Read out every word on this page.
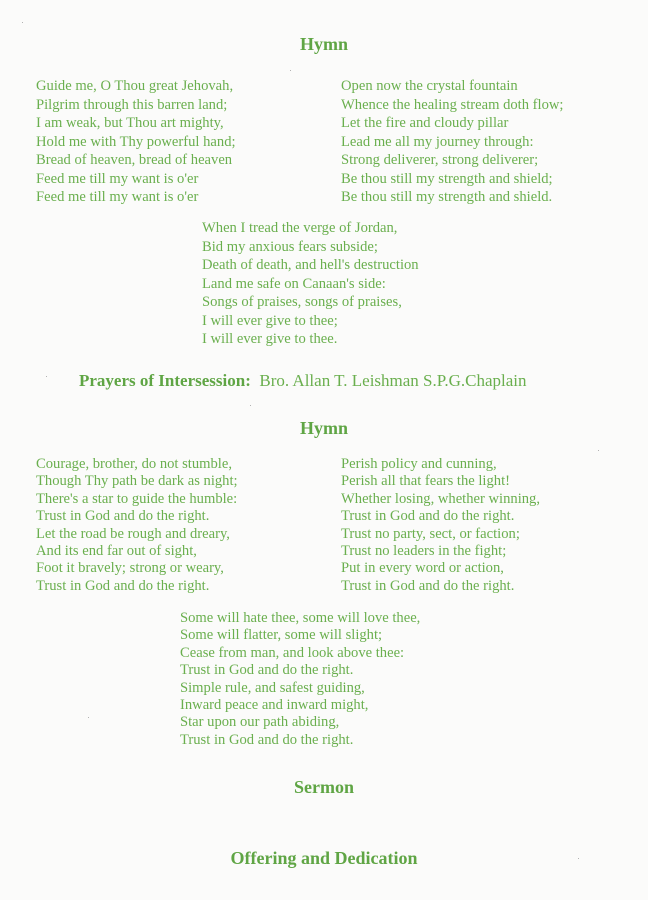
Hymn
Guide me, O Thou great Jehovah,
Pilgrim through this barren land;
I am weak, but Thou art mighty,
Hold me with Thy powerful hand;
Bread of heaven, bread of heaven
Feed me till my want is o'er
Feed me till my want is o'er
Open now the crystal fountain
Whence the healing stream doth flow;
Let the fire and cloudy pillar
Lead me all my journey through:
Strong deliverer, strong deliverer;
Be thou still my strength and shield;
Be thou still my strength and shield.
When I tread the verge of Jordan,
Bid my anxious fears subside;
Death of death, and hell's destruction
Land me safe on Canaan's side:
Songs of praises, songs of praises,
I will ever give to thee;
I will ever give to thee.
Prayers of Intersession: Bro. Allan T. Leishman S.P.G.Chaplain
Hymn
Courage, brother, do not stumble,
Though Thy path be dark as night;
There's a star to guide the humble:
Trust in God and do the right.
Let the road be rough and dreary,
And its end far out of sight,
Foot it bravely; strong or weary,
Trust in God and do the right.
Perish policy and cunning,
Perish all that fears the light!
Whether losing, whether winning,
Trust in God and do the right.
Trust no party, sect, or faction;
Trust no leaders in the fight;
Put in every word or action,
Trust in God and do the right.
Some will hate thee, some will love thee,
Some will flatter, some will slight;
Cease from man, and look above thee:
Trust in God and do the right.
Simple rule, and safest guiding,
Inward peace and inward might,
Star upon our path abiding,
Trust in God and do the right.
Sermon
Offering and Dedication
